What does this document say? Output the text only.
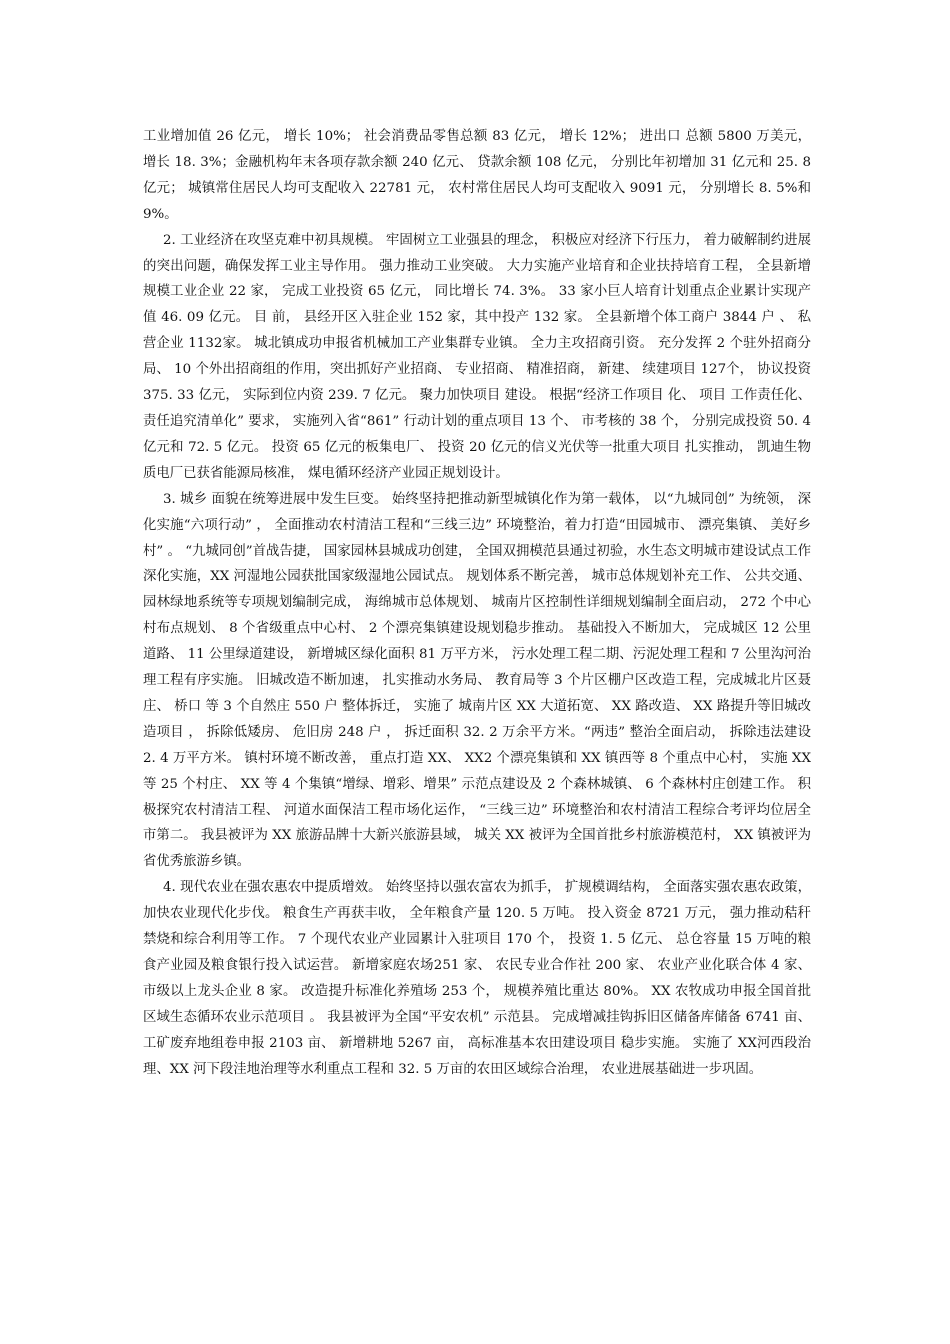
工业增加值 26 亿元， 增长 10%； 社会消费品零售总额 83 亿元， 增长 12%； 进出口 总额 5800 万美元， 增长 18. 3%；金融机构年末各项存款余额 240 亿元、 贷款余额 108 亿元， 分别比年初增加 31 亿元和 25. 8 亿元； 城镇常住居民人均可支配收入 22781 元， 农村常住居民人均可支配收入 9091 元， 分别增长 8. 5%和 9%。

2. 工业经济在攻坚克难中初具规模。 牢固树立工业强县的理念， 积极应对经济下行压力， 着力破解制约进展的突出问题，确保发挥工业主导作用。 强力推动工业突破。 大力实施产业培育和企业扶持培育工程， 全县新增规模工业企业 22 家， 完成工业投资 65 亿元， 同比增长 74. 3%。 33 家小巨人培育计划重点企业累计实现产值 46. 09 亿元。 目 前， 县经开区入驻企业 152 家，其中投产 132 家。 全县新增个体工商户 3844 户 、 私营企业 1132家。 城北镇成功申报省机械加工产业集群专业镇。 全力主攻招商引资。 充分发挥 2 个驻外招商分局、 10 个外出招商组的作用，突出抓好产业招商、 专业招商、 精准招商， 新建、 续建项目 127个， 协议投资 375. 33 亿元， 实际到位内资 239. 7 亿元。 聚力加快项目 建设。 根据“经济工作项目 化、 项目 工作责任化、 责任追究清单化” 要求， 实施列入省“861” 行动计划的重点项目 13 个、 市考核的 38 个， 分别完成投资 50. 4 亿元和 72. 5 亿元。 投资 65 亿元的板集电厂、 投资 20 亿元的信义光伏等一批重大项目 扎实推动， 凯迪生物质电厂已获省能源局核准， 煤电循环经济产业园正规划设计。

3. 城乡 面貌在统筹进展中发生巨变。 始终坚持把推动新型城镇化作为第一载体， 以“九城同创” 为统领， 深化实施“六项行动” ， 全面推动农村清洁工程和“三线三边” 环境整治，着力打造“田园城市、 漂亮集镇、 美好乡 村” 。 “九城同创”首战告捷， 国家园林县城成功创建， 全国双拥模范县通过初验，水生态文明城市建设试点工作深化实施，XX 河湿地公园获批国家级湿地公园试点。 规划体系不断完善， 城市总体规划补充工作、 公共交通、园林绿地系统等专项规划编制完成， 海绵城市总体规划、 城南片区控制性详细规划编制全面启动， 272 个中心村布点规划、 8 个省级重点中心村、 2 个漂亮集镇建设规划稳步推动。 基础投入不断加大， 完成城区 12 公里道路、 11 公里绿道建设， 新增城区绿化面积 81 万平方米， 污水处理工程二期、污泥处理工程和 7 公里沟河治理工程有序实施。 旧城改造不断加速， 扎实推动水务局、 教育局等 3 个片区棚户区改造工程，完成城北片区聂庄、 桥口 等 3 个自然庄 550 户 整体拆迁， 实施了 城南片区 XX 大道拓宽、 XX 路改造、 XX 路提升等旧城改造项目 ， 拆除低矮房、 危旧房 248 户 ， 拆迁面积 32. 2 万余平方米。“两违” 整治全面启动， 拆除违法建设 2. 4 万平方米。 镇村环境不断改善， 重点打造 XX、 XX2 个漂亮集镇和 XX 镇西等 8 个重点中心村， 实施 XX 等 25 个村庄、 XX 等 4 个集镇“增绿、增彩、增果” 示范点建设及 2 个森林城镇、 6 个森林村庄创建工作。 积极探究农村清洁工程、 河道水面保洁工程市场化运作， “三线三边” 环境整治和农村清洁工程综合考评均位居全市第二。 我县被评为 XX 旅游品牌十大新兴旅游县域， 城关 XX 被评为全国首批乡村旅游模范村， XX 镇被评为省优秀旅游乡镇。

4. 现代农业在强农惠农中提质增效。 始终坚持以强农富农为抓手， 扩规模调结构， 全面落实强农惠农政策， 加快农业现代化步伐。 粮食生产再获丰收， 全年粮食产量 120. 5 万吨。 投入资金 8721 万元， 强力推动秸秆禁烧和综合利用等工作。 7 个现代农业产业园累计入驻项目 170 个， 投资 1. 5 亿元、 总仓容量 15 万吨的粮食产业园及粮食银行投入试运营。 新增家庭农场251 家、 农民专业合作社 200 家、 农业产业化联合体 4 家、 市级以上龙头企业 8 家。 改造提升标准化养殖场 253 个， 规模养殖比重达 80%。 XX 农牧成功申报全国首批区域生态循环农业示范项目 。 我县被评为全国“平安农机” 示范县。 完成增减挂钩拆旧区储备库储备 6741 亩、 工矿废弃地组卷申报 2103 亩、 新增耕地 5267 亩， 高标准基本农田建设项目 稳步实施。 实施了 XX河西段治理、XX 河下段洼地治理等水利重点工程和 32. 5 万亩的农田区域综合治理， 农业进展基础进一步巩固。
